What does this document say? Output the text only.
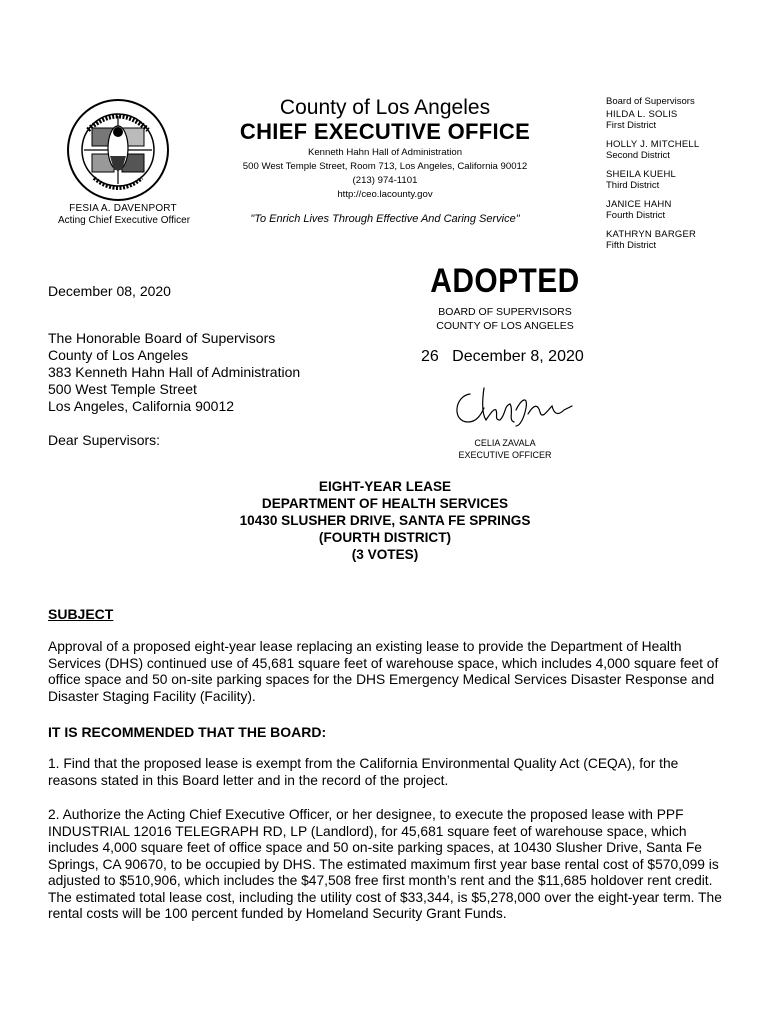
FESIA A. DAVENPORT
Acting Chief Executive Officer
County of Los Angeles
CHIEF EXECUTIVE OFFICE
Kenneth Hahn Hall of Administration
500 West Temple Street, Room 713, Los Angeles, California 90012
(213) 974-1101
http://ceo.lacounty.gov
"To Enrich Lives Through Effective And Caring Service"
Board of Supervisors
HILDA L. SOLIS
First District
HOLLY J. MITCHELL
Second District
SHEILA KUEHL
Third District
JANICE HAHN
Fourth District
KATHRYN BARGER
Fifth District
December 08, 2020
The Honorable Board of Supervisors
County of Los Angeles
383 Kenneth Hahn Hall of Administration
500 West Temple Street
Los Angeles, California 90012
Dear Supervisors:
ADOPTED
BOARD OF SUPERVISORS
COUNTY OF LOS ANGELES
26 December 8, 2020
CELIA ZAVALA
EXECUTIVE OFFICER
EIGHT-YEAR LEASE
DEPARTMENT OF HEALTH SERVICES
10430 SLUSHER DRIVE, SANTA FE SPRINGS
(FOURTH DISTRICT)
(3 VOTES)
SUBJECT
Approval of a proposed eight-year lease replacing an existing lease to provide the Department of Health Services (DHS) continued use of 45,681 square feet of warehouse space, which includes 4,000 square feet of office space and 50 on-site parking spaces for the DHS Emergency Medical Services Disaster Response and Disaster Staging Facility (Facility).
IT IS RECOMMENDED THAT THE BOARD:
1. Find that the proposed lease is exempt from the California Environmental Quality Act (CEQA), for the reasons stated in this Board letter and in the record of the project.
2. Authorize the Acting Chief Executive Officer, or her designee, to execute the proposed lease with PPF INDUSTRIAL 12016 TELEGRAPH RD, LP (Landlord), for 45,681 square feet of warehouse space, which includes 4,000 square feet of office space and 50 on-site parking spaces, at 10430 Slusher Drive, Santa Fe Springs, CA 90670, to be occupied by DHS. The estimated maximum first year base rental cost of $570,099 is adjusted to $510,906, which includes the $47,508 free first month’s rent and the $11,685 holdover rent credit. The estimated total lease cost, including the utility cost of $33,344, is $5,278,000 over the eight-year term. The rental costs will be 100 percent funded by Homeland Security Grant Funds.
